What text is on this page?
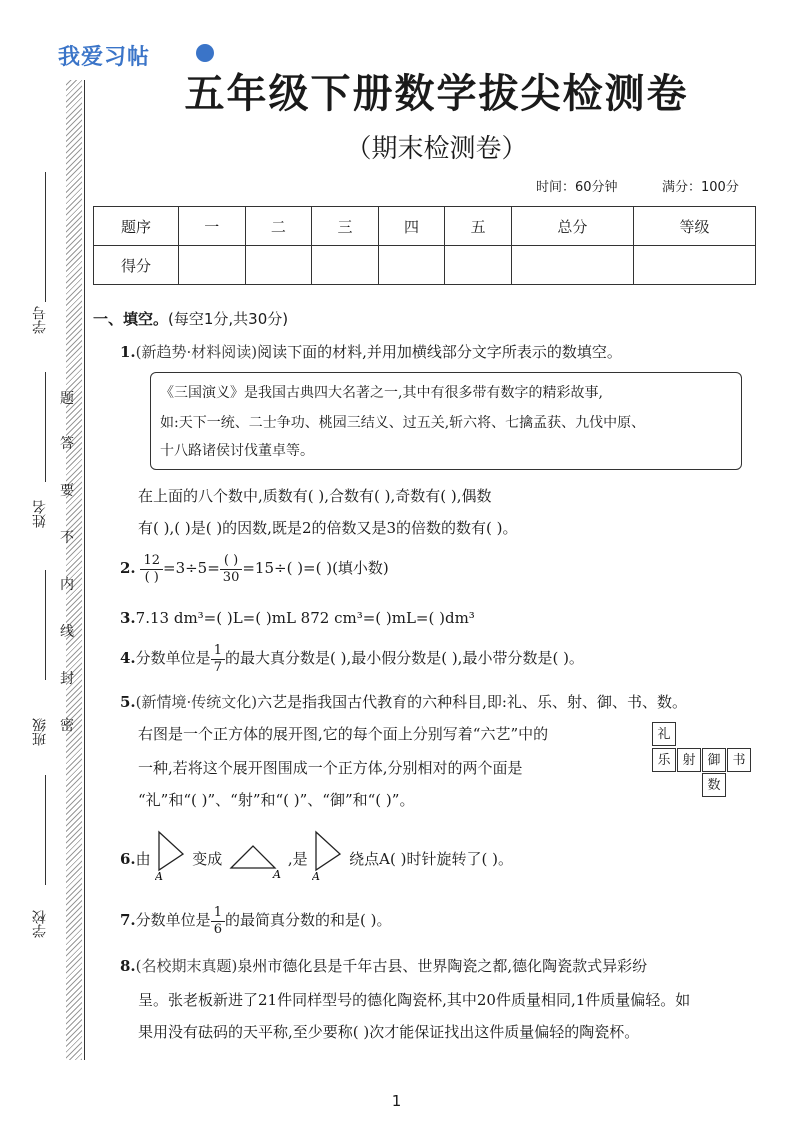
我爱习帖
五年级下册数学拔尖检测卷
（期末检测卷）
时间：60分钟	满分：100分
题序	一	二	三	四	五	总分	等级
得分							
学号
姓名
班级
学校
题
答
要
不
内
线
封
密
一、填空。(每空1分,共30分)
1.(新趋势·材料阅读)阅读下面的材料,并用加横线部分文字所表示的数填空。
《三国演义》是我国古典四大名著之一,其中有很多带有数字的精彩故事,
如:天下一统、二士争功、桃园三结义、过五关,斩六将、七擒孟获、九伐中原、
十八路诸侯讨伐董卓等。
在上面的八个数中,质数有( ),合数有( ),奇数有( ),偶数
有( ),( )是( )的因数,既是2的倍数又是3的倍数的数有( )。
2. $\frac{12}{( )} =3\div 5= \frac{( )}{30} =15\div$( )=( )(填小数)
3.7.13 dm³=( )L=( )mL 872 cm³=( )mL=( )dm³
4.分数单位是 $\frac{1}{7}$ 的最大真分数是( ),最小假分数是( ),最小带分数是( )。
5.(新情境·传统文化)六艺是指我国古代教育的六种科目,即:礼、乐、射、御、书、数。
右图是一个正方体的展开图,它的每个面上分别写着“六艺”中的
一种,若将这个展开图围成一个正方体,分别相对的两个面是
“礼”和“( )”、“射”和“( )”、“御”和“( )”。
礼
乐 射 御 书
数
6.由
A
变成
A
,是
A
绕点A( )时针旋转了( )。
7.分数单位是 $\frac{1}{6}$ 的最简真分数的和是( )。
8.(名校期末真题)泉州市德化县是千年古县、世界陶瓷之都,德化陶瓷款式异彩纷
呈。张老板新进了21件同样型号的德化陶瓷杯,其中20件质量相同,1件质量偏轻。如
果用没有砝码的天平称,至少要称( )次才能保证找出这件质量偏轻的陶瓷杯。
1
